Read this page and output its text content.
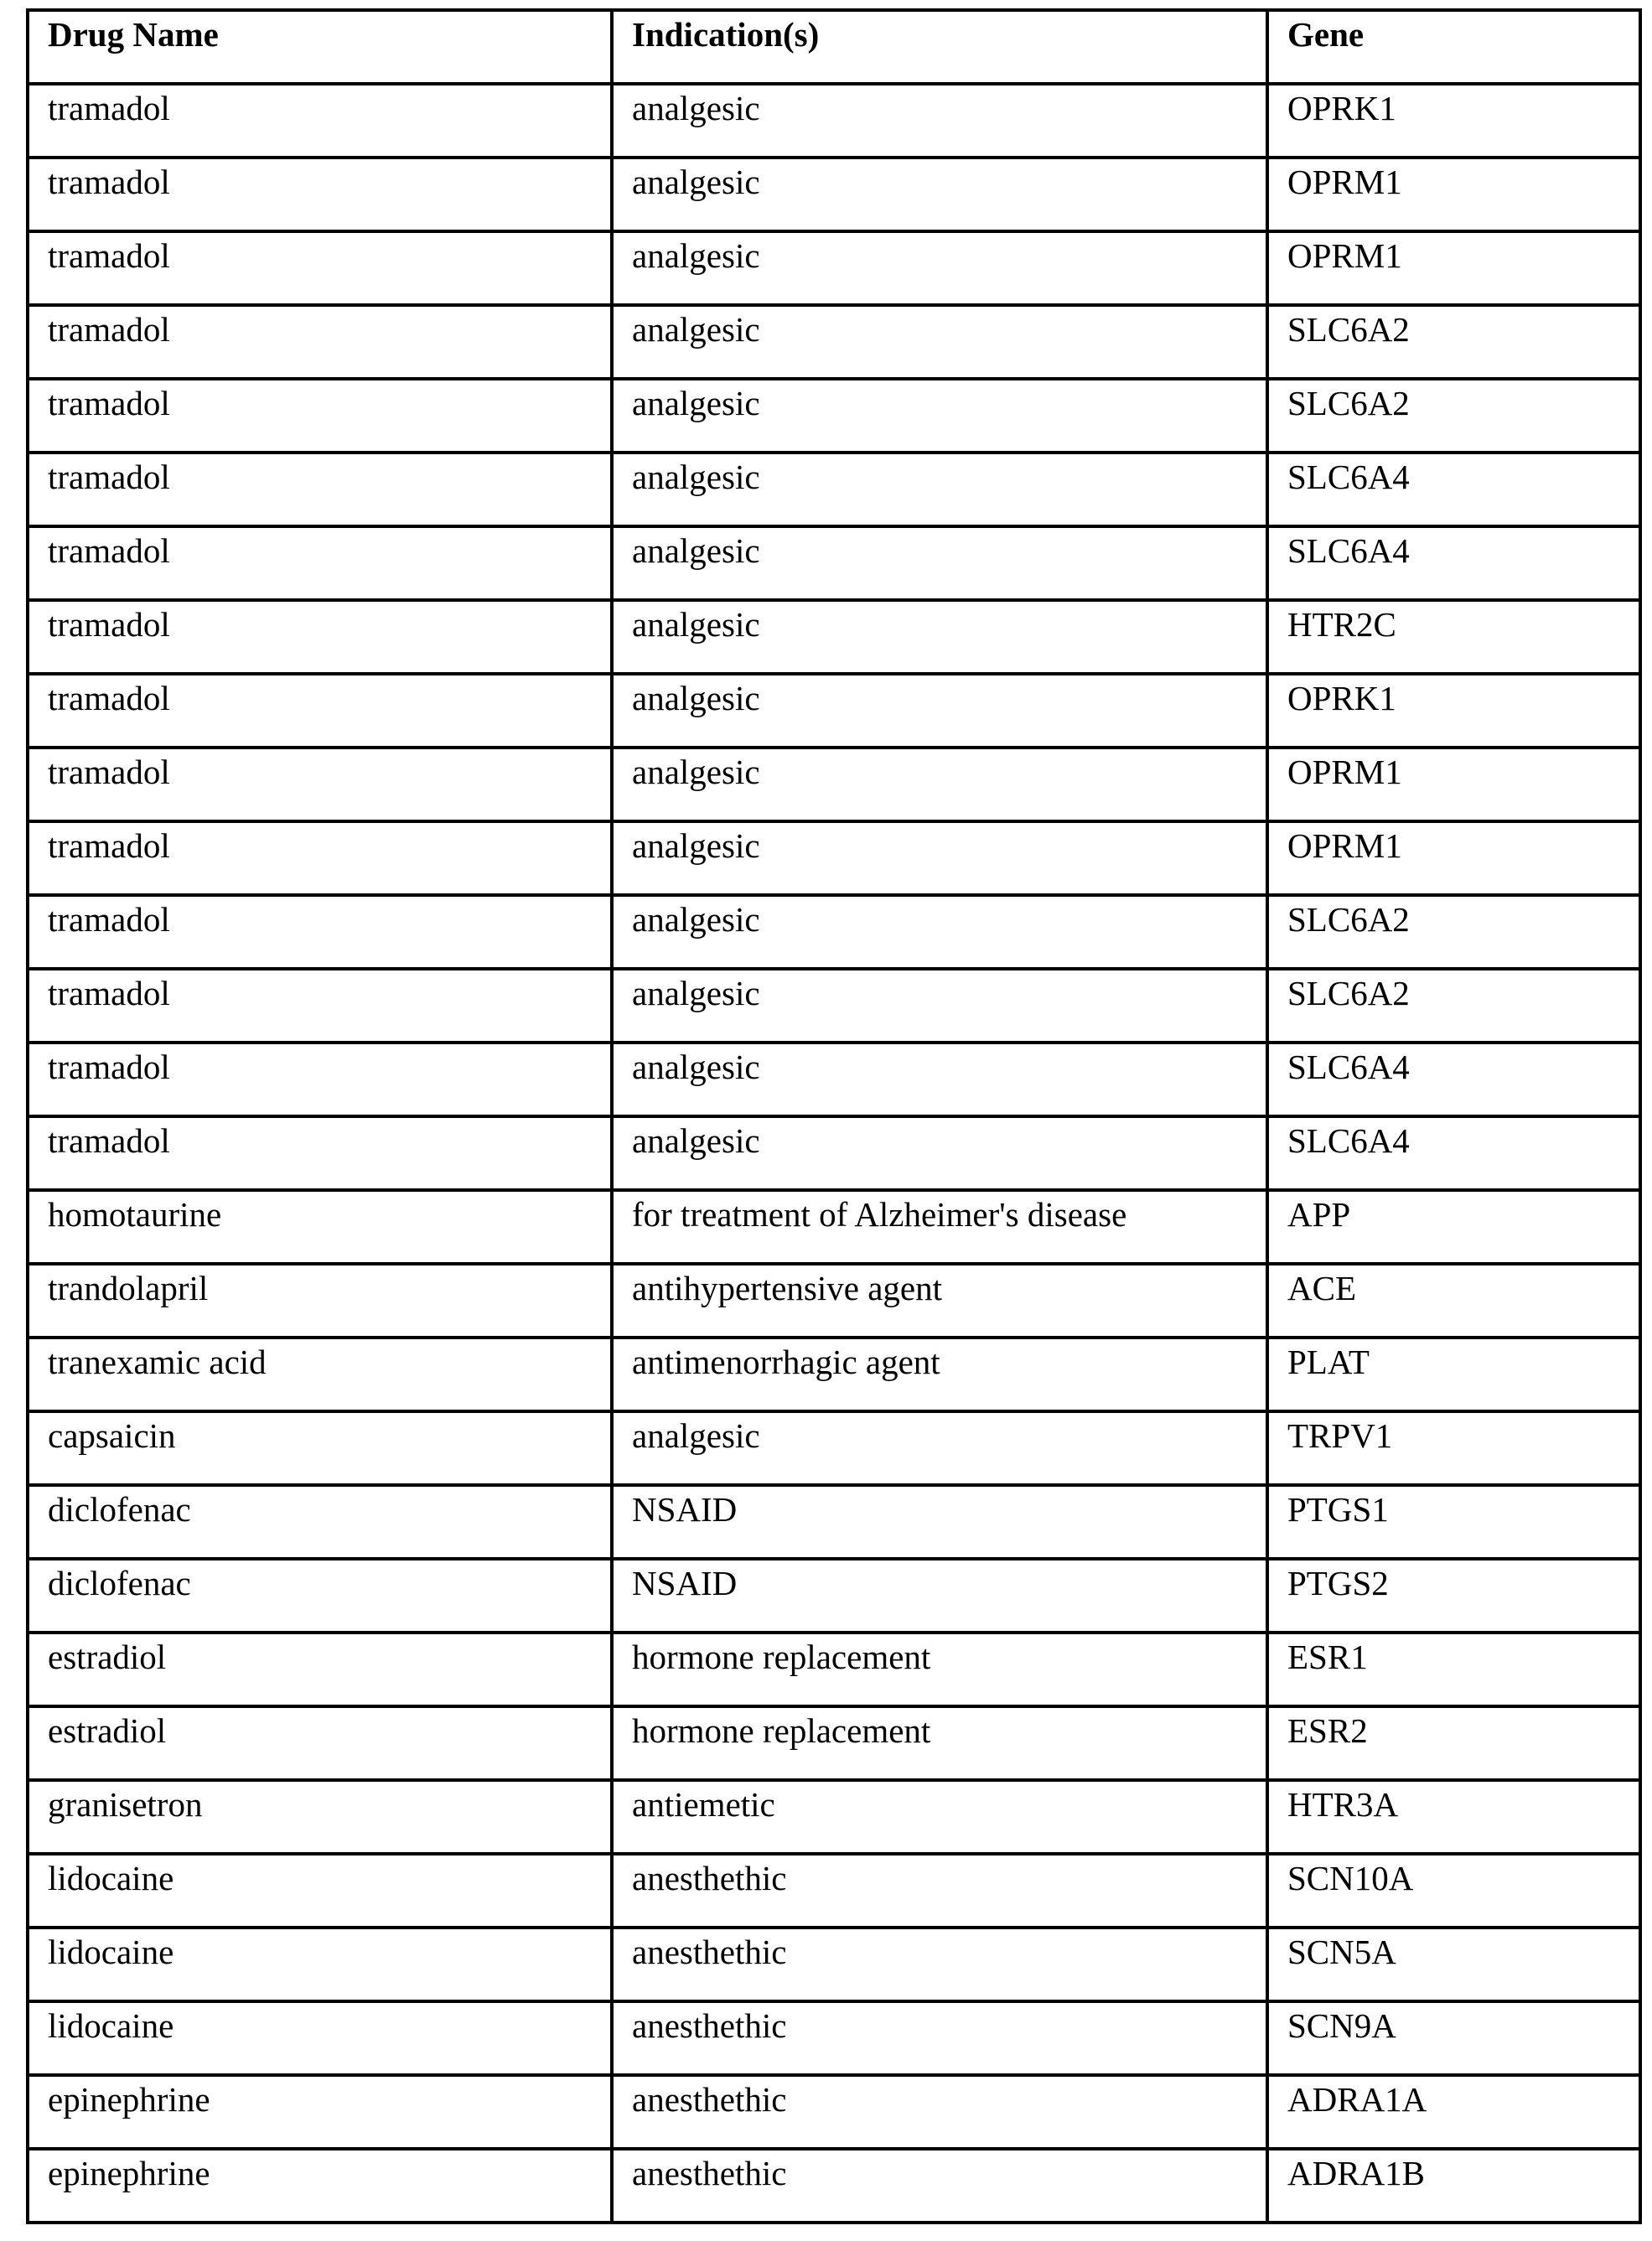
Drug Name	Indication(s)	Gene
tramadol	analgesic	OPRK1
tramadol	analgesic	OPRM1
tramadol	analgesic	OPRM1
tramadol	analgesic	SLC6A2
tramadol	analgesic	SLC6A2
tramadol	analgesic	SLC6A4
tramadol	analgesic	SLC6A4
tramadol	analgesic	HTR2C
tramadol	analgesic	OPRK1
tramadol	analgesic	OPRM1
tramadol	analgesic	OPRM1
tramadol	analgesic	SLC6A2
tramadol	analgesic	SLC6A2
tramadol	analgesic	SLC6A4
tramadol	analgesic	SLC6A4
homotaurine	for treatment of Alzheimer's disease	APP
trandolapril	antihypertensive agent	ACE
tranexamic acid	antimenorrhagic agent	PLAT
capsaicin	analgesic	TRPV1
diclofenac	NSAID	PTGS1
diclofenac	NSAID	PTGS2
estradiol	hormone replacement	ESR1
estradiol	hormone replacement	ESR2
granisetron	antiemetic	HTR3A
lidocaine	anesthethic	SCN10A
lidocaine	anesthethic	SCN5A
lidocaine	anesthethic	SCN9A
epinephrine	anesthethic	ADRA1A
epinephrine	anesthethic	ADRA1B
